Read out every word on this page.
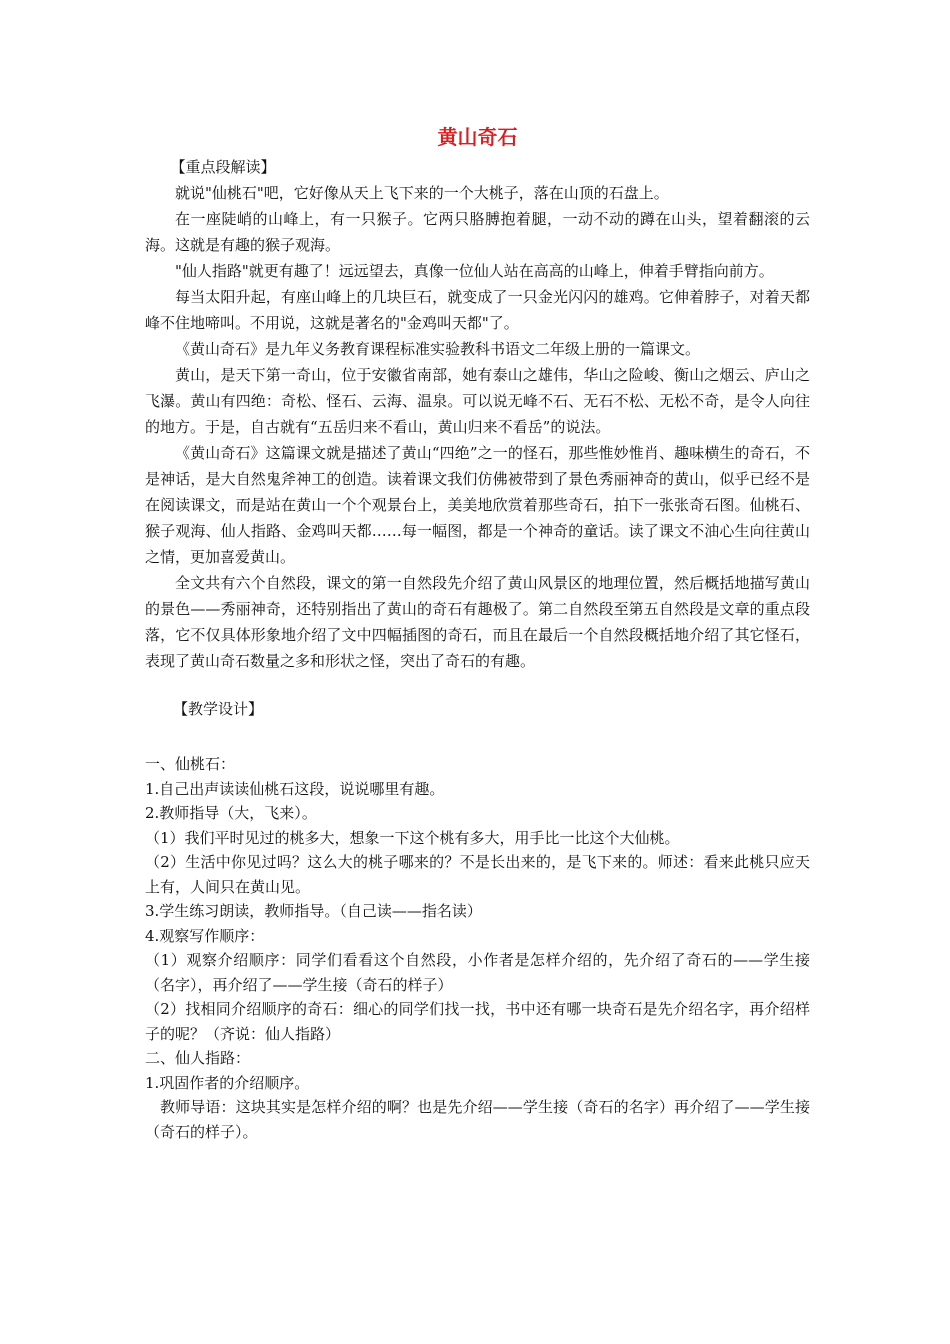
黄山奇石

【重点段解读】

就说"仙桃石"吧，它好像从天上飞下来的一个大桃子，落在山顶的石盘上。

在一座陡峭的山峰上，有一只猴子。它两只胳膊抱着腿，一动不动的蹲在山头，望着翻滚的云海。这就是有趣的猴子观海。

"仙人指路"就更有趣了！远远望去，真像一位仙人站在高高的山峰上，伸着手臂指向前方。

每当太阳升起，有座山峰上的几块巨石，就变成了一只金光闪闪的雄鸡。它伸着脖子，对着天都峰不住地啼叫。不用说，这就是著名的"金鸡叫天都"了。

《黄山奇石》是九年义务教育课程标准实验教科书语文二年级上册的一篇课文。

黄山，是天下第一奇山，位于安徽省南部，她有泰山之雄伟，华山之险峻、衡山之烟云、庐山之飞瀑。黄山有四绝：奇松、怪石、云海、温泉。可以说无峰不石、无石不松、无松不奇，是令人向往的地方。于是，自古就有“五岳归来不看山，黄山归来不看岳”的说法。

《黄山奇石》这篇课文就是描述了黄山“四绝”之一的怪石，那些惟妙惟肖、趣味横生的奇石，不是神话，是大自然鬼斧神工的创造。读着课文我们仿佛被带到了景色秀丽神奇的黄山，似乎已经不是在阅读课文，而是站在黄山一个个观景台上，美美地欣赏着那些奇石，拍下一张张奇石图。仙桃石、猴子观海、仙人指路、金鸡叫天都……每一幅图，都是一个神奇的童话。读了课文不油心生向往黄山之情，更加喜爱黄山。

全文共有六个自然段，课文的第一自然段先介绍了黄山风景区的地理位置，然后概括地描写黄山的景色——秀丽神奇，还特别指出了黄山的奇石有趣极了。第二自然段至第五自然段是文章的重点段落，它不仅具体形象地介绍了文中四幅插图的奇石，而且在最后一个自然段概括地介绍了其它怪石，表现了黄山奇石数量之多和形状之怪，突出了奇石的有趣。

【教学设计】

一、仙桃石：

1.自己出声读读仙桃石这段，说说哪里有趣。

2.教师指导（大，飞来）。

（1）我们平时见过的桃多大，想象一下这个桃有多大，用手比一比这个大仙桃。

（2）生活中你见过吗？这么大的桃子哪来的？不是长出来的，是飞下来的。师述：看来此桃只应天上有，人间只在黄山见。

3.学生练习朗读，教师指导。（自己读——指名读）

4.观察写作顺序：

（1）观察介绍顺序：同学们看看这个自然段，小作者是怎样介绍的，先介绍了奇石的——学生接（名字），再介绍了——学生接（奇石的样子）

（2）找相同介绍顺序的奇石：细心的同学们找一找，书中还有哪一块奇石是先介绍名字，再介绍样子的呢？（齐说：仙人指路）

二、仙人指路：

1.巩固作者的介绍顺序。

教师导语：这块其实是怎样介绍的啊？也是先介绍——学生接（奇石的名字）再介绍了——学生接（奇石的样子）。
